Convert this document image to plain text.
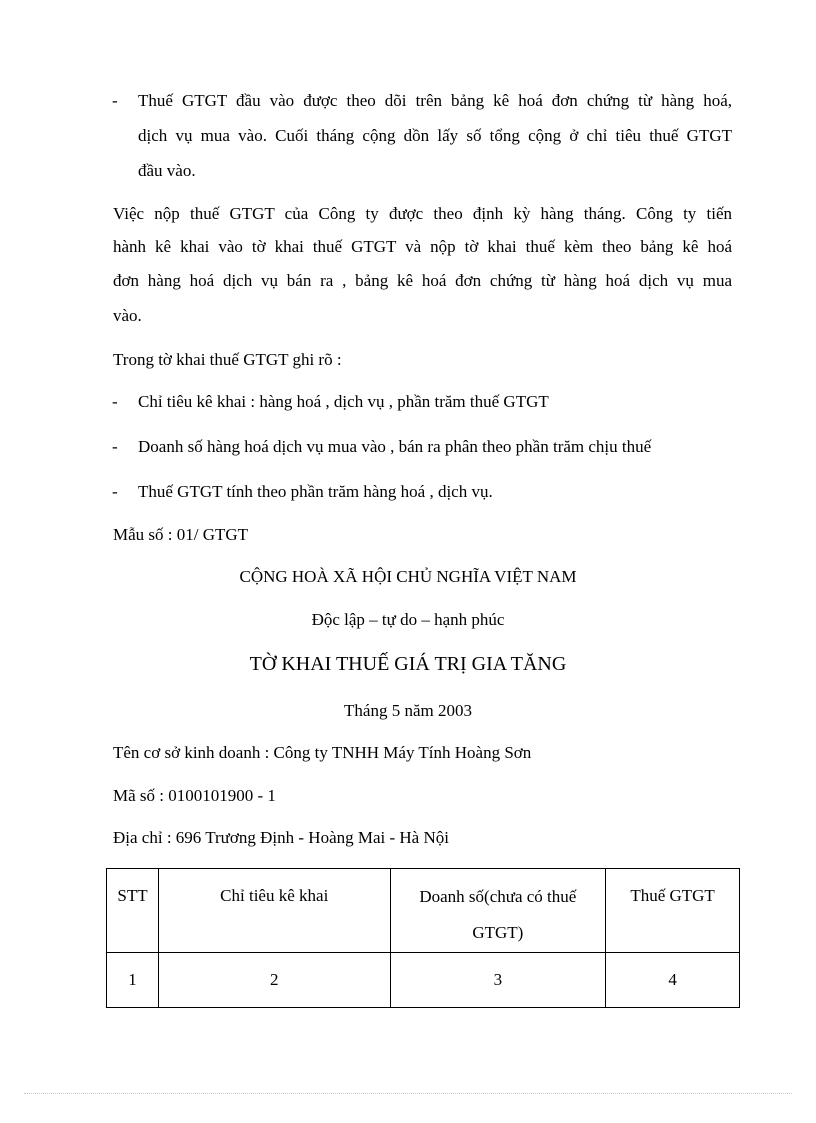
- Thuế GTGT đầu vào được theo dõi trên bảng kê hoá đơn chứng từ hàng hoá,
dịch vụ mua vào. Cuối tháng cộng dồn lấy số tổng cộng ở chỉ tiêu thuế GTGT
đầu vào.
Việc nộp thuế GTGT của Công ty được theo định kỳ hàng tháng. Công ty tiến
hành kê khai vào tờ khai thuế GTGT và nộp tờ khai thuế kèm theo bảng kê hoá
đơn hàng hoá dịch vụ bán ra , bảng kê hoá đơn chứng từ hàng hoá dịch vụ mua
vào.
Trong tờ khai thuế GTGT ghi rõ :
- Chỉ tiêu kê khai : hàng hoá , dịch vụ , phần trăm thuế GTGT
- Doanh số hàng hoá dịch vụ mua vào , bán ra phân theo phần trăm chịu thuế
- Thuế GTGT tính theo phần trăm hàng hoá , dịch vụ.
Mẫu số : 01/ GTGT
CỘNG HOÀ XÃ HỘI CHỦ NGHĨA VIỆT NAM
Độc lập – tự do – hạnh phúc
TỜ KHAI THUẾ GIÁ TRỊ GIA TĂNG
Tháng 5 năm 2003
Tên cơ sở kinh doanh : Công ty TNHH Máy Tính Hoàng Sơn
Mã số : 0100101900 - 1
Địa chỉ : 696 Trương Định - Hoàng Mai - Hà Nội
STT	Chỉ tiêu kê khai	Doanh số(chưa có thuế
GTGT)	Thuế GTGT
1	2	3	4
